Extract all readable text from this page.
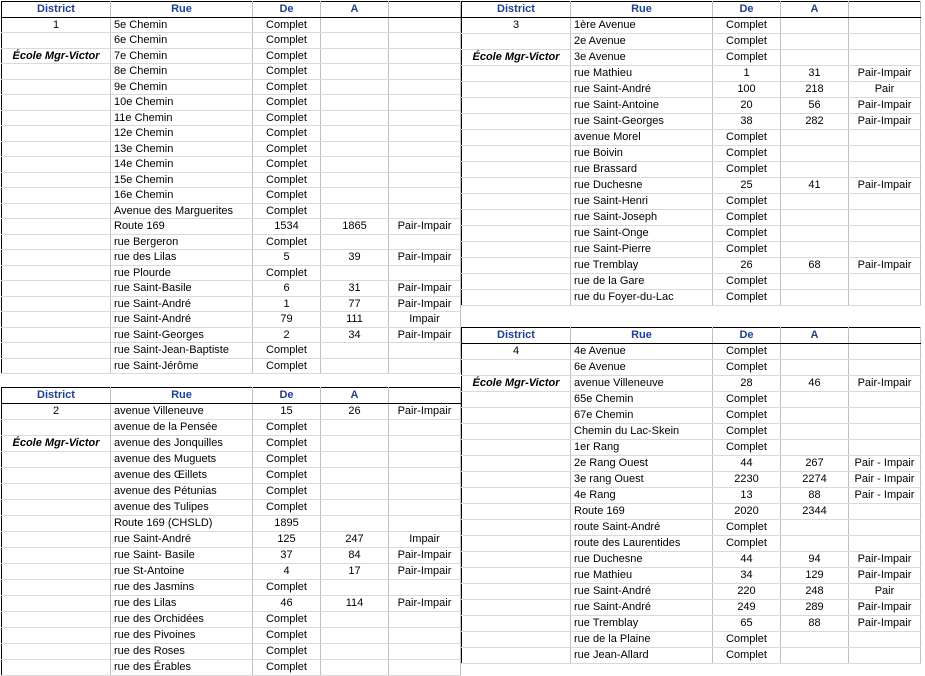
District	Rue	De	A	
1	5e Chemin	Complet		
	6e Chemin	Complet		
École Mgr-Victor	7e Chemin	Complet		
	8e Chemin	Complet		
	9e Chemin	Complet		
	10e Chemin	Complet		
	11e Chemin	Complet		
	12e Chemin	Complet		
	13e Chemin	Complet		
	14e Chemin	Complet		
	15e Chemin	Complet		
	16e Chemin	Complet		
	Avenue des Marguerites	Complet		
	Route 169	1534	1865	Pair-Impair
	rue Bergeron	Complet		
	rue des Lilas	5	39	Pair-Impair
	rue Plourde	Complet		
	rue Saint-Basile	6	31	Pair-Impair
	rue Saint-André	1	77	Pair-Impair
	rue Saint-André	79	111	Impair
	rue Saint-Georges	2	34	Pair-Impair
	rue Saint-Jean-Baptiste	Complet		
	rue Saint-Jérôme	Complet		
District	Rue	De	A	
2	avenue Villeneuve	15	26	Pair-Impair
	avenue de la Pensée	Complet		
École Mgr-Victor	avenue des Jonquilles	Complet		
	avenue des Muguets	Complet		
	avenue des Œillets	Complet		
	avenue des Pétunias	Complet		
	avenue des Tulipes	Complet		
	Route 169 (CHSLD)	1895		
	rue Saint-André	125	247	Impair
	rue Saint- Basile	37	84	Pair-Impair
	rue St-Antoine	4	17	Pair-Impair
	rue des Jasmins	Complet		
	rue des Lilas	46	114	Pair-Impair
	rue des Orchidées	Complet		
	rue des Pivoines	Complet		
	rue des Roses	Complet		
	rue des Érables	Complet		
District	Rue	De	A	
3	1ère Avenue	Complet		
	2e Avenue	Complet		
École Mgr-Victor	3e Avenue	Complet		
	rue Mathieu	1	31	Pair-Impair
	rue Saint-André	100	218	Pair
	rue Saint-Antoine	20	56	Pair-Impair
	rue Saint-Georges	38	282	Pair-Impair
	avenue Morel	Complet		
	rue Boivin	Complet		
	rue Brassard	Complet		
	rue Duchesne	25	41	Pair-Impair
	rue Saint-Henri	Complet		
	rue Saint-Joseph	Complet		
	rue Saint-Onge	Complet		
	rue Saint-Pierre	Complet		
	rue Tremblay	26	68	Pair-Impair
	rue de la Gare	Complet		
	rue du Foyer-du-Lac	Complet		
District	Rue	De	A	
4	4e Avenue	Complet		
	6e Avenue	Complet		
École Mgr-Victor	avenue Villeneuve	28	46	Pair-Impair
	65e Chemin	Complet		
	67e Chemin	Complet		
	Chemin du Lac-Skein	Complet		
	1er Rang	Complet		
	2e Rang Ouest	44	267	Pair - Impair
	3e rang Ouest	2230	2274	Pair - Impair
	4e Rang	13	88	Pair - Impair
	Route 169	2020	2344	
	route Saint-André	Complet		
	route des Laurentides	Complet		
	rue Duchesne	44	94	Pair-Impair
	rue Mathieu	34	129	Pair-Impair
	rue Saint-André	220	248	Pair
	rue Saint-André	249	289	Pair-Impair
	rue Tremblay	65	88	Pair-Impair
	rue de la Plaine	Complet		
	rue Jean-Allard	Complet		
